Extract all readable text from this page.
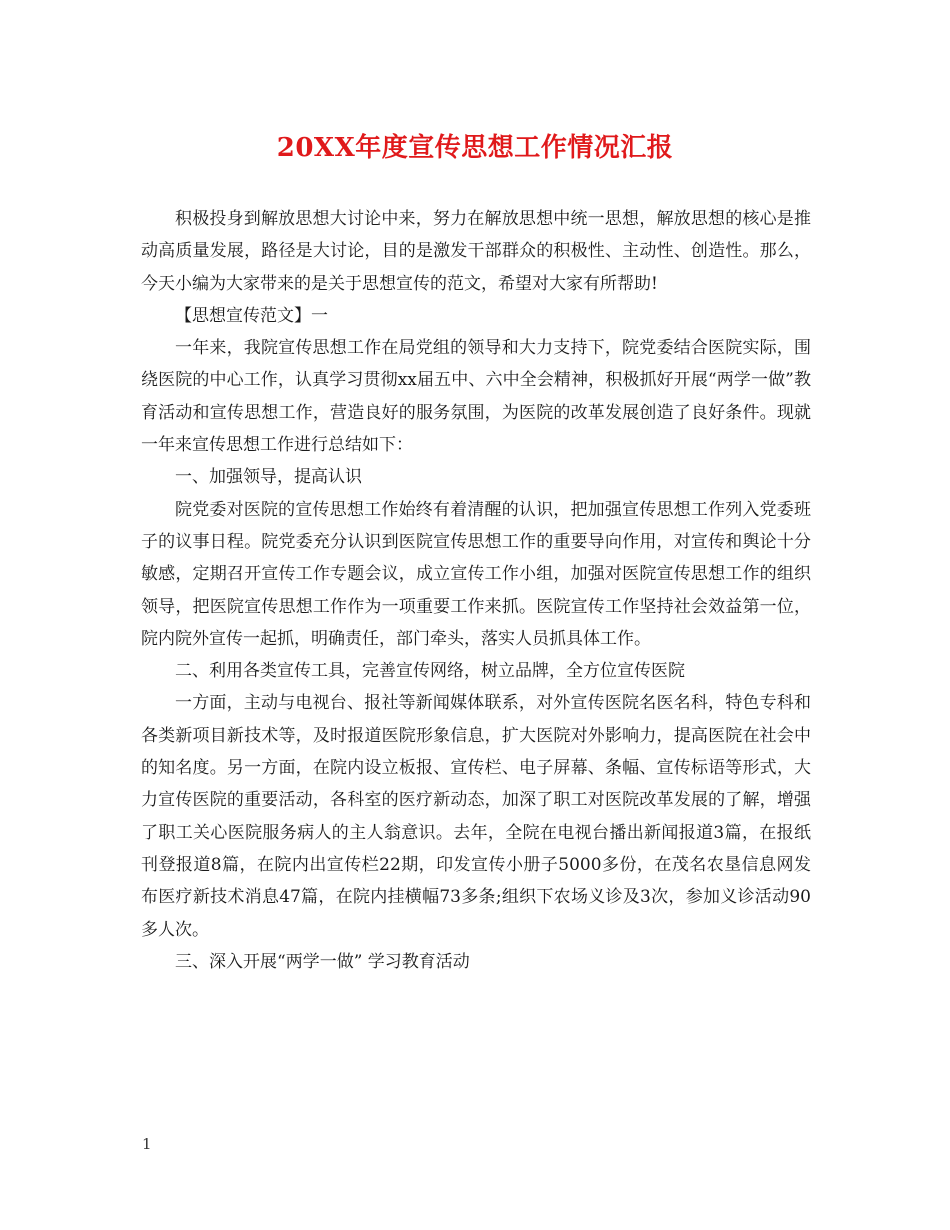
20XX年度宣传思想工作情况汇报

积极投身到解放思想大讨论中来，努力在解放思想中统一思想，解放思想的核心是推动高质量发展，路径是大讨论，目的是激发干部群众的积极性、主动性、创造性。那么，今天小编为大家带来的是关于思想宣传的范文，希望对大家有所帮助!

【思想宣传范文】一

一年来，我院宣传思想工作在局党组的领导和大力支持下，院党委结合医院实际，围绕医院的中心工作，认真学习贯彻xx届五中、六中全会精神，积极抓好开展“两学一做”教育活动和宣传思想工作，营造良好的服务氛围，为医院的改革发展创造了良好条件。现就一年来宣传思想工作进行总结如下：

一、加强领导，提高认识

院党委对医院的宣传思想工作始终有着清醒的认识，把加强宣传思想工作列入党委班子的议事日程。院党委充分认识到医院宣传思想工作的重要导向作用，对宣传和舆论十分敏感，定期召开宣传工作专题会议，成立宣传工作小组，加强对医院宣传思想工作的组织领导，把医院宣传思想工作作为一项重要工作来抓。医院宣传工作坚持社会效益第一位，院内院外宣传一起抓，明确责任，部门牵头，落实人员抓具体工作。

二、利用各类宣传工具，完善宣传网络，树立品牌，全方位宣传医院

一方面，主动与电视台、报社等新闻媒体联系，对外宣传医院名医名科，特色专科和各类新项目新技术等，及时报道医院形象信息，扩大医院对外影响力，提高医院在社会中的知名度。另一方面，在院内设立板报、宣传栏、电子屏幕、条幅、宣传标语等形式，大力宣传医院的重要活动，各科室的医疗新动态，加深了职工对医院改革发展的了解，增强了职工关心医院服务病人的主人翁意识。去年，全院在电视台播出新闻报道3篇，在报纸刊登报道8篇，在院内出宣传栏22期，印发宣传小册子5000多份，在茂名农垦信息网发布医疗新技术消息47篇，在院内挂横幅73多条;组织下农场义诊及3次，参加义诊活动90多人次。

三、深入开展“两学一做” 学习教育活动

1
